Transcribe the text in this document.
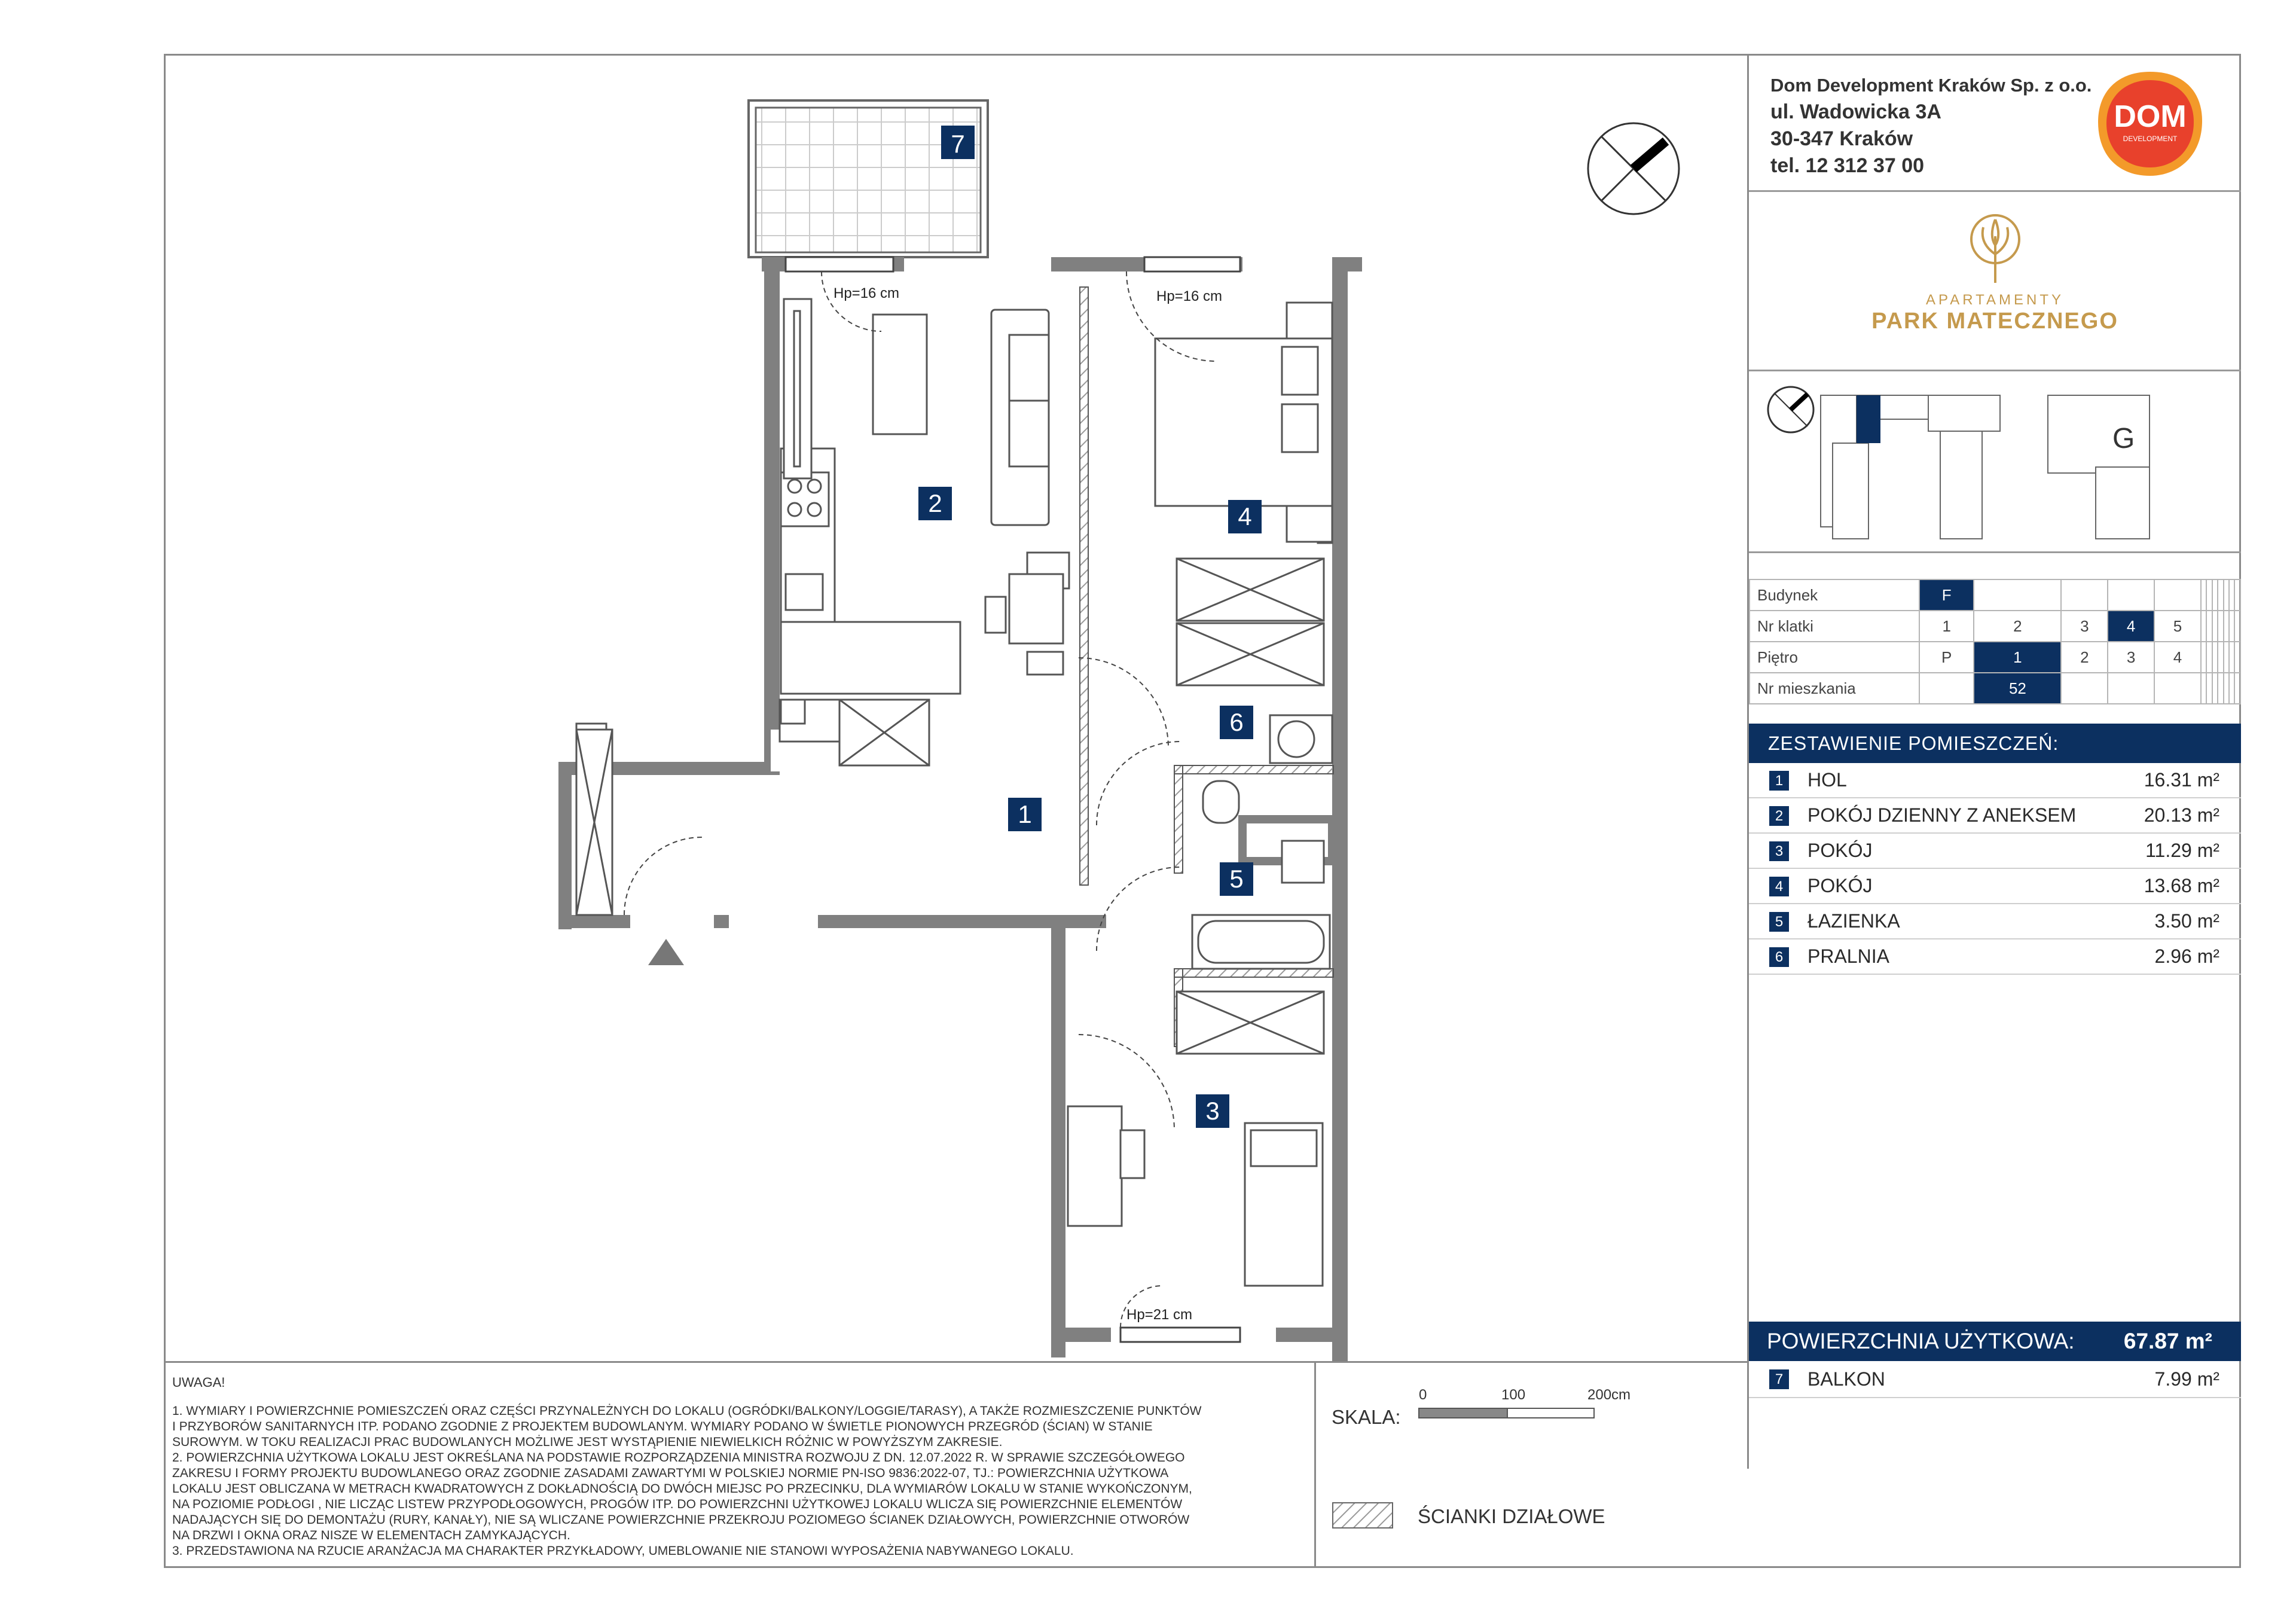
7
2	4
6
1
5
3
Hp=16 cm	Hp=16 cm
Hp=21 cm
Dom Development Kraków Sp. z o.o.
ul. Wadowicka 3A
30-347 Kraków
tel. 12 312 37 00
DOM
DEVELOPMENT
APARTAMENTY
PARK MATECZNEGO
G
Budynek	F											
Nr klatki	1	2	3	4	5							
Piętro	P	1	2	3	4							
Nr mieszkania		52										
ZESTAWIENIE POMIESZCZEŃ:
1	HOL	16.31 m²
2	POKÓJ DZIENNY Z ANEKSEM	20.13 m²
3	POKÓJ	11.29 m²
4	POKÓJ	13.68 m²
5	ŁAZIENKA	3.50 m²
6	PRALNIA	2.96 m²
POWIERZCHNIA UŻYTKOWA: 67.87 m²
UWAGA!
1. WYMIARY I POWIERZCHNIE POMIESZCZEŃ ORAZ CZĘŚCI PRZYNALEŻNYCH DO LOKALU (OGRÓDKI/BALKONY/LOGGIE/TARASY), A TAKŻE ROZMIESZCZENIE PUNKTÓW
I PRZYBORÓW SANITARNYCH ITP. PODANO ZGODNIE Z PROJEKTEM BUDOWLANYM. WYMIARY PODANO W ŚWIETLE PIONOWYCH PRZEGRÓD (ŚCIAN) W STANIE
SUROWYM. W TOKU REALIZACJI PRAC BUDOWLANYCH MOŻLIWE JEST WYSTĄPIENIE NIEWIELKICH RÓŻNIC W POWYŻSZYM ZAKRESIE.
2. POWIERZCHNIA UŻYTKOWA LOKALU JEST OKREŚLANA NA PODSTAWIE ROZPORZĄDZENIA MINISTRA ROZWOJU Z DN. 12.07.2022 R. W SPRAWIE SZCZEGÓŁOWEGO
ZAKRESU I FORMY PROJEKTU BUDOWLANEGO ORAZ ZGODNIE ZASADAMI ZAWARTYMI W POLSKIEJ NORMIE PN-ISO 9836:2022-07, TJ.: POWIERZCHNIA UŻYTKOWA
LOKALU JEST OBLICZANA W METRACH KWADRATOWYCH Z DOKŁADNOŚCIĄ DO DWÓCH MIEJSC PO PRZECINKU, DLA WYMIARÓW LOKALU W STANIE WYKOŃCZONYM,
NA POZIOMIE PODŁOGI , NIE LICZĄC LISTEW PRZYPODŁOGOWYCH, PROGÓW ITP. DO POWIERZCHNI UŻYTKOWEJ LOKALU WLICZA SIĘ POWIERZCHNIE ELEMENTÓW
NADAJĄCYCH SIĘ DO DEMONTAŻU (RURY, KANAŁY), NIE SĄ WLICZANE POWIERZCHNIE PRZEKROJU POZIOMEGO ŚCIANEK DZIAŁOWYCH, POWIERZCHNIE OTWORÓW
NA DRZWI I OKNA ORAZ NISZE W ELEMENTACH ZAMYKAJĄCYCH.
3. PRZEDSTAWIONA NA RZUCIE ARANŻACJA MA CHARAKTER PRZYKŁADOWY, UMEBLOWANIE NIE STANOWI WYPOSAŻENIA NABYWANEGO LOKALU.
SKALA:
0	100	200cm
ŚCIANKI DZIAŁOWE
7	BALKON	7.99 m²
